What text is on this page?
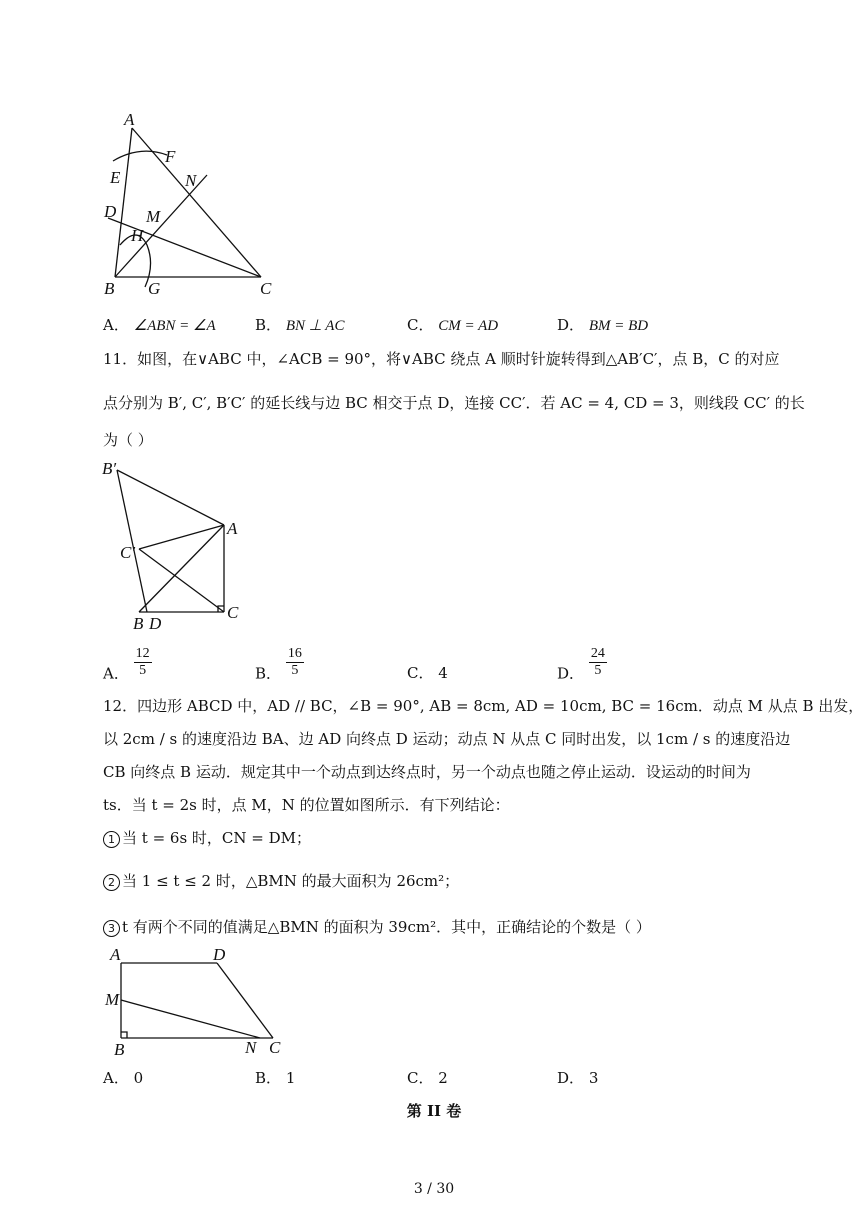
A
F
E	N
D M
H
B G	C
A． ∠ABN = ∠A	B． BN ⊥ AC	C． CM = AD	D． BM = BD
11．如图，在∨ABC 中，∠ACB = 90°，将∨ABC 绕点 A 顺时针旋转得到△AB′C′，点 B，C 的对应
点分别为 B′, C′, B′C′ 的延长线与边 BC 相交于点 D，连接 CC′．若 AC = 4, CD = 3，则线段 CC′ 的长
为（ ）
B′
A
C′
B D
C
A． $\frac{12}{5}$	B． $\frac{16}{5}$	C． 4	D． $\frac{24}{5}$
12．四边形 ABCD 中，AD // BC，∠B = 90°, AB = 8cm, AD = 10cm, BC = 16cm．动点 M 从点 B 出发，
以 2cm / s 的速度沿边 BA、边 AD 向终点 D 运动；动点 N 从点 C 同时出发，以 1cm / s 的速度沿边
CB 向终点 B 运动．规定其中一个动点到达终点时，另一个动点也随之停止运动．设运动的时间为
ts．当 t = 2s 时，点 M，N 的位置如图所示．有下列结论：
1 当 t = 6s 时，CN = DM；
2 当 1 ≤ t ≤ 2 时，△BMN 的最大面积为 26cm²；
3 t 有两个不同的值满足△BMN 的面积为 39cm²．其中，正确结论的个数是（ ）
A	D
M
B	N C
A． 0	B． 1	C． 2	D． 3
第 II 卷
3 / 30
